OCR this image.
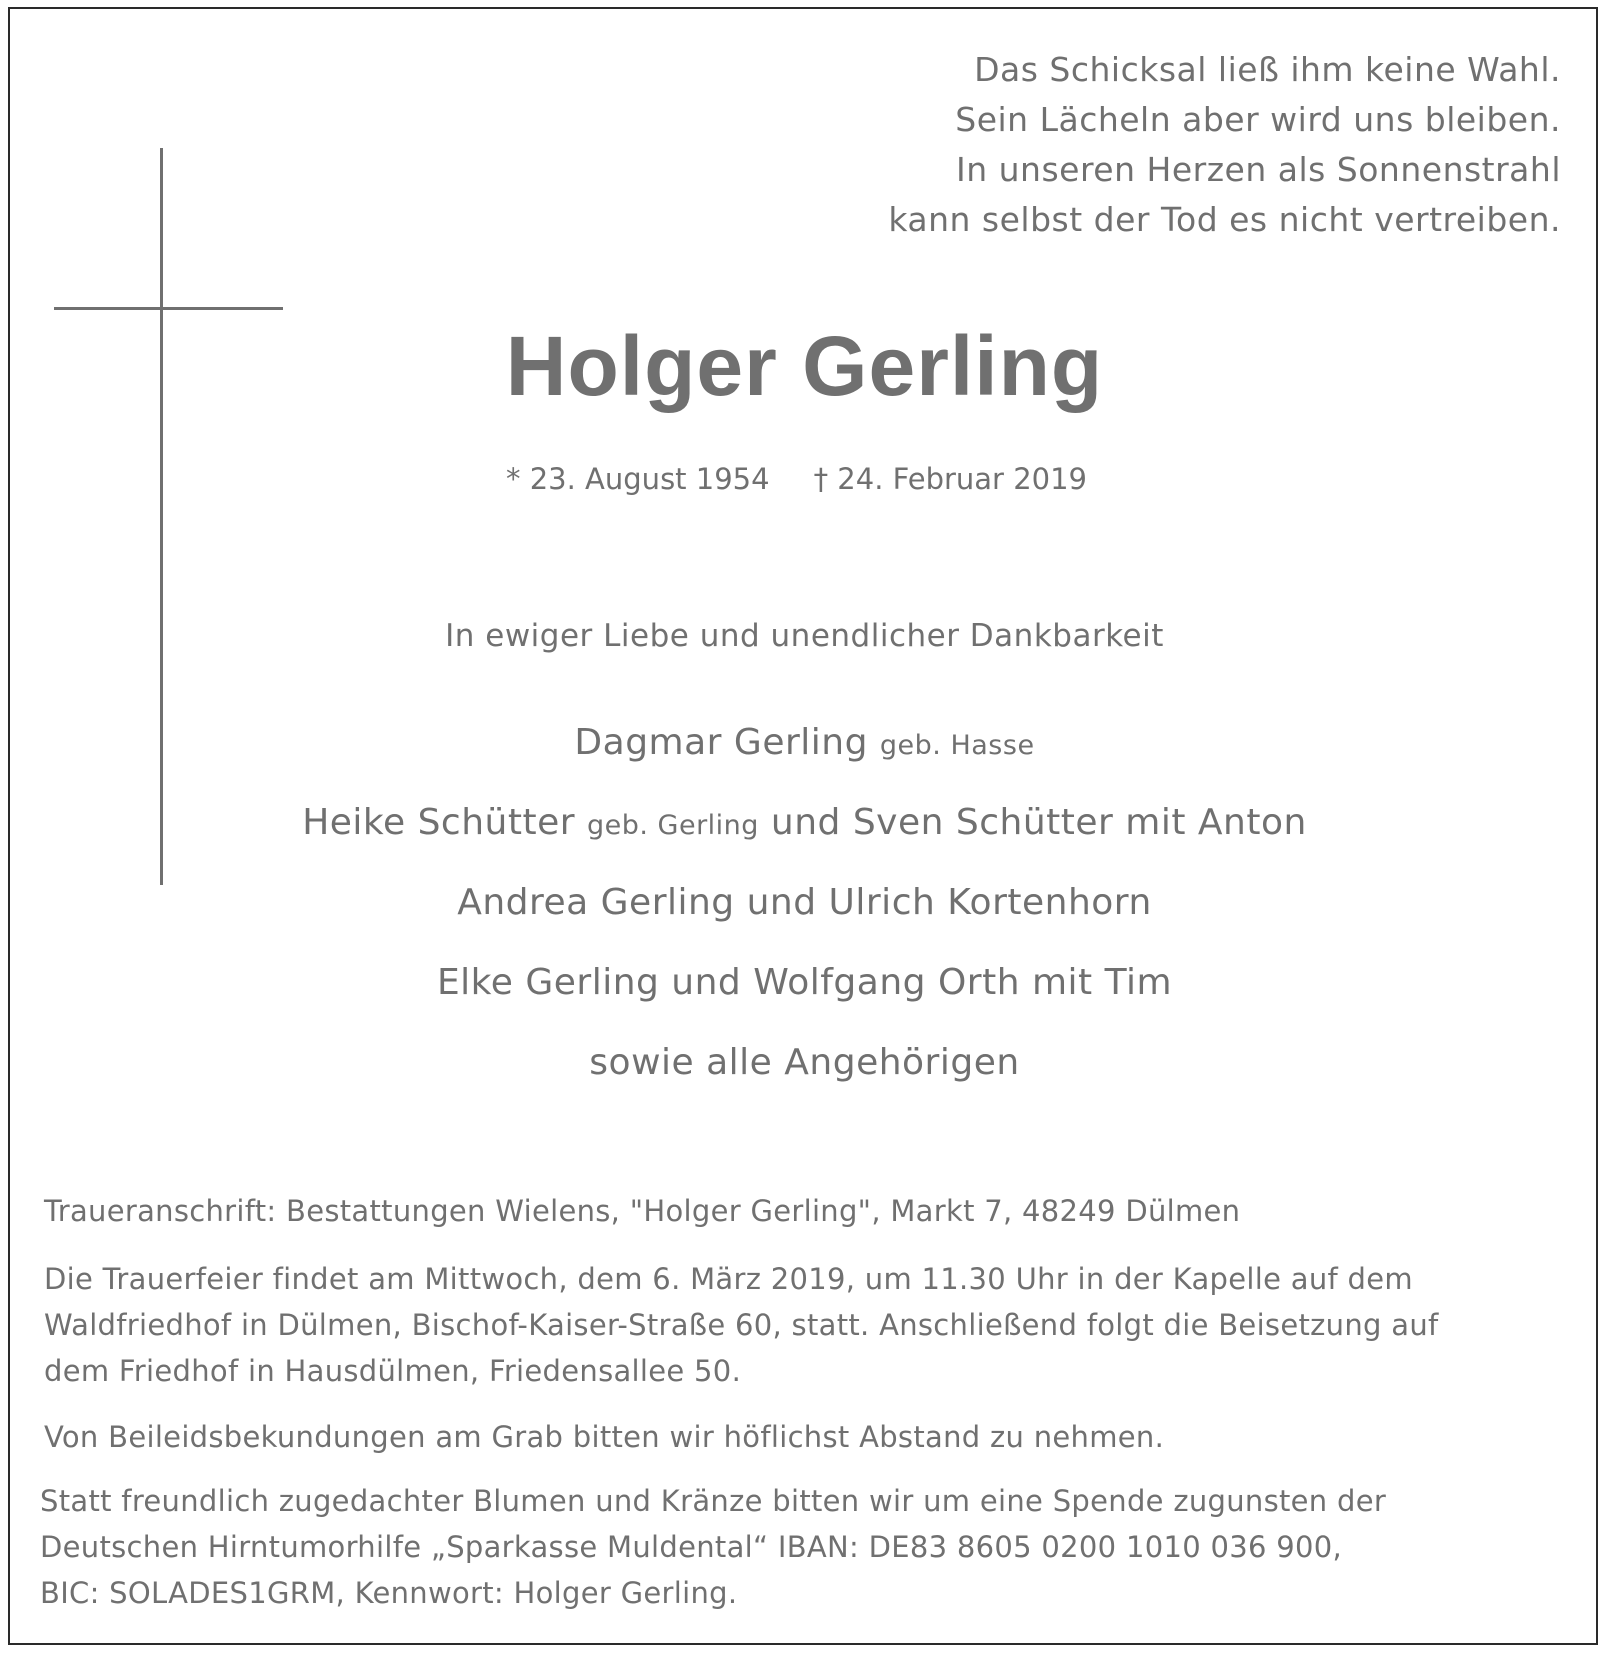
Das Schicksal ließ ihm keine Wahl.
Sein Lächeln aber wird uns bleiben.
In unseren Herzen als Sonnenstrahl
kann selbst der Tod es nicht vertreiben.
Holger Gerling
* 23. August 1954 † 24. Februar 2019
In ewiger Liebe und unendlicher Dankbarkeit
Dagmar Gerling geb. Hasse
Heike Schütter geb. Gerling und Sven Schütter mit Anton
Andrea Gerling und Ulrich Kortenhorn
Elke Gerling und Wolfgang Orth mit Tim
sowie alle Angehörigen

Traueranschrift: Bestattungen Wielens, "Holger Gerling", Markt 7, 48249 Dülmen

Die Trauerfeier findet am Mittwoch, dem 6. März 2019, um 11.30 Uhr in der Kapelle auf dem

Waldfriedhof in Dülmen, Bischof-Kaiser-Straße 60, statt. Anschließend folgt die Beisetzung auf

dem Friedhof in Hausdülmen, Friedensallee 50.

Von Beileidsbekundungen am Grab bitten wir höflichst Abstand zu nehmen.

Statt freundlich zugedachter Blumen und Kränze bitten wir um eine Spende zugunsten der

Deutschen Hirntumorhilfe „Sparkasse Muldental“ IBAN: DE83 8605 0200 1010 036 900,

BIC: SOLADES1GRM, Kennwort: Holger Gerling.
